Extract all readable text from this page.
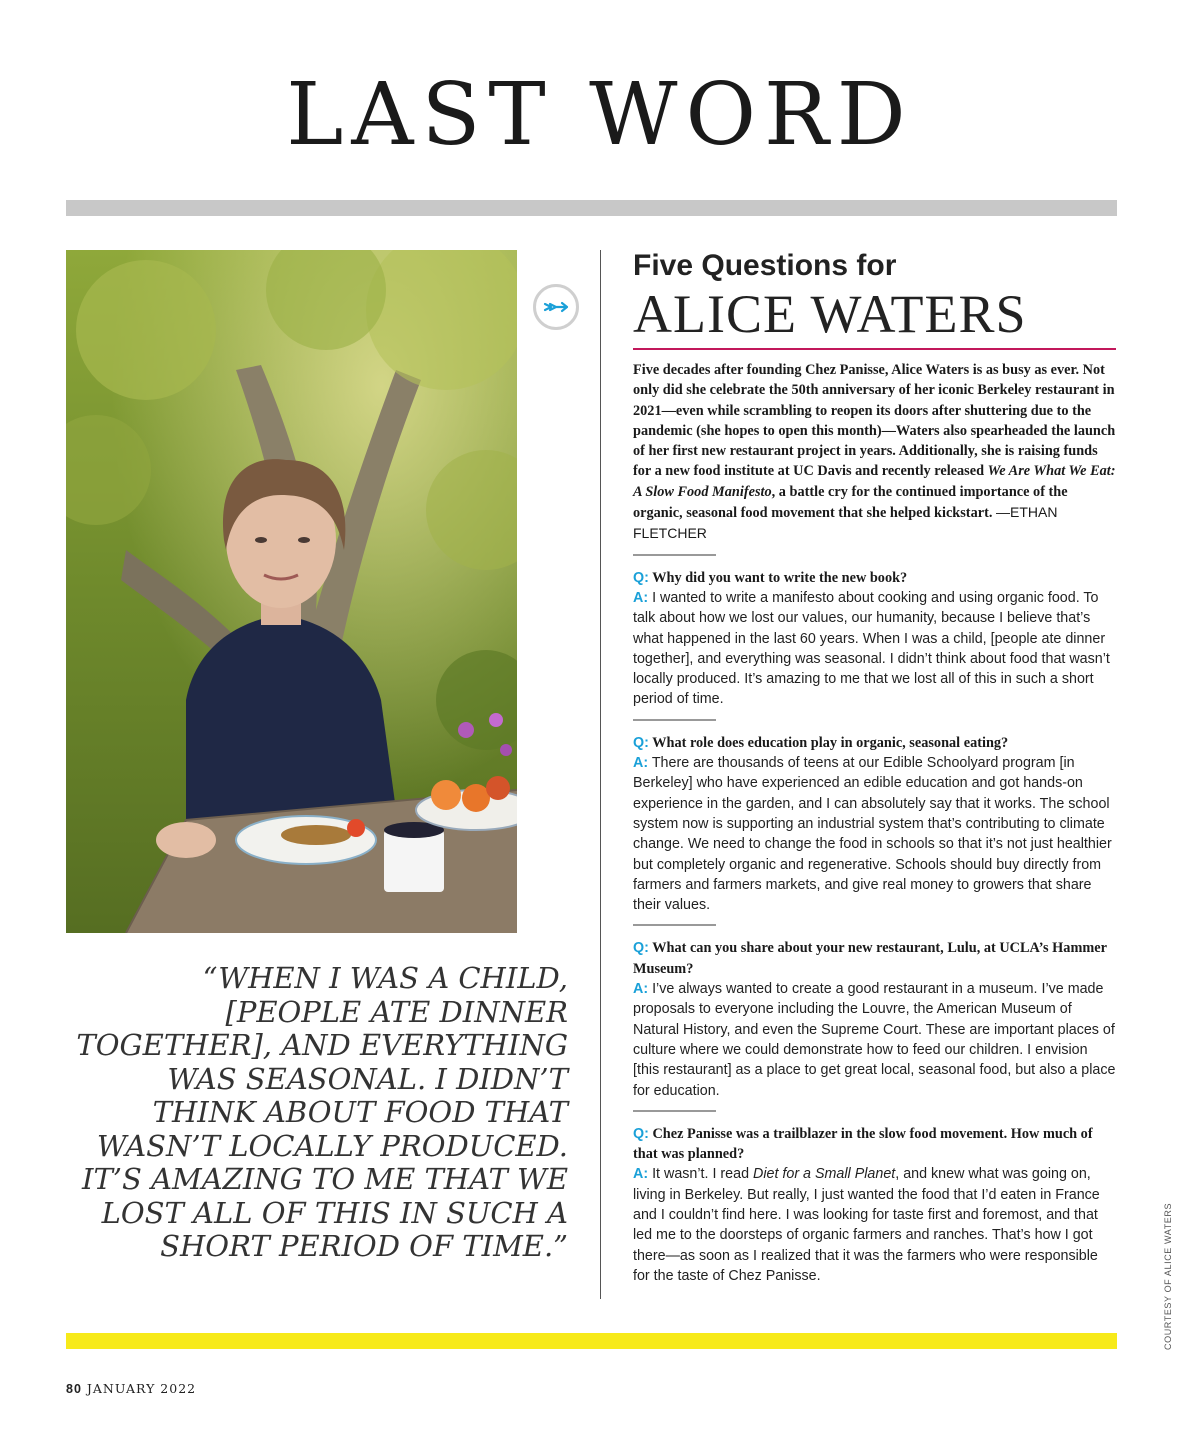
LAST WORD

“WHEN I WAS A CHILD, [PEOPLE ATE DINNER TOGETHER], AND EVERYTHING WAS SEASONAL. I DIDN’T THINK ABOUT FOOD THAT WASN’T LOCALLY PRODUCED. IT’S AMAZING TO ME THAT WE LOST ALL OF THIS IN SUCH A SHORT PERIOD OF TIME.”

Five Questions for

ALICE WATERS

Five decades after founding Chez Panisse, Alice Waters is as busy as ever. Not only did she celebrate the 50th anniversary of her iconic Berkeley restaurant in 2021—even while scrambling to reopen its doors after shuttering due to the pandemic (she hopes to open this month)—Waters also spearheaded the launch of her first new restaurant project in years. Additionally, she is raising funds for a new food institute at UC Davis and recently released We Are What We Eat: A Slow Food Manifesto, a battle cry for the continued importance of the organic, seasonal food movement that she helped kickstart. —ETHAN FLETCHER

Q: Why did you want to write the new book?

A: I wanted to write a manifesto about cooking and using organic food. To talk about how we lost our values, our humanity, because I believe that’s what happened in the last 60 years. When I was a child, [people ate dinner together], and everything was seasonal. I didn’t think about food that wasn’t locally produced. It’s amazing to me that we lost all of this in such a short period of time.

Q: What role does education play in organic, seasonal eating?

A: There are thousands of teens at our Edible Schoolyard program [in Berkeley] who have experienced an edible education and got hands-on experience in the garden, and I can absolutely say that it works. The school system now is supporting an industrial system that’s contributing to climate change. We need to change the food in schools so that it’s not just healthier but completely organic and regenerative. Schools should buy directly from farmers and farmers markets, and give real money to growers that share their values.

Q: What can you share about your new restaurant, Lulu, at UCLA’s Hammer Museum?

A: I’ve always wanted to create a good restaurant in a museum. I’ve made proposals to everyone including the Louvre, the American Museum of Natural History, and even the Supreme Court. These are important places of culture where we could demonstrate how to feed our children. I envision [this restaurant] as a place to get great local, seasonal food, but also a place for education.

Q: Chez Panisse was a trailblazer in the slow food movement. How much of that was planned?

A: It wasn’t. I read Diet for a Small Planet, and knew what was going on, living in Berkeley. But really, I just wanted the food that I’d eaten in France and I couldn’t find here. I was looking for taste first and foremost, and that led me to the doorsteps of organic farmers and ranches. That’s how I got there—as soon as I realized that it was the farmers who were responsible for the taste of Chez Panisse.	COURTESY OF ALICE WATERS
80 JANUARY 2022
